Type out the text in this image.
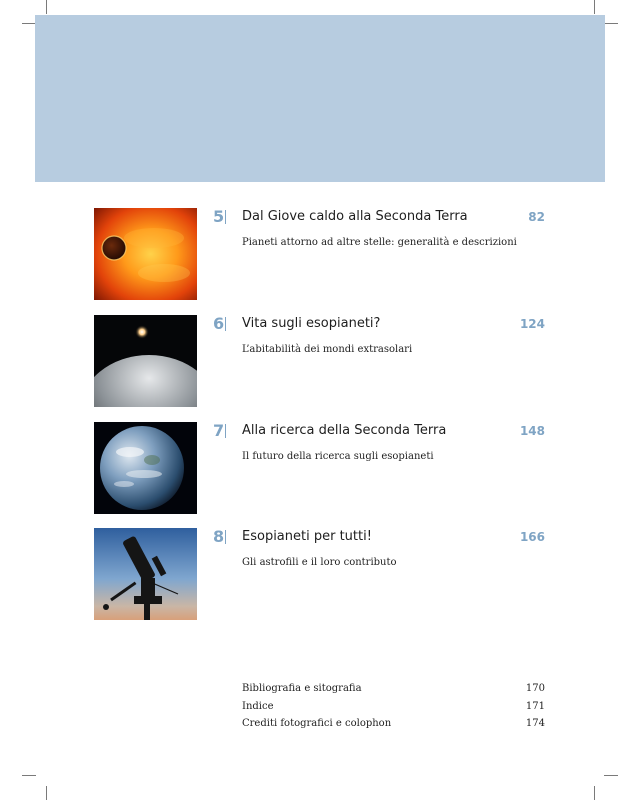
5 Dal Giove caldo alla Seconda Terra	82
Pianeti attorno ad altre stelle: generalità e descrizioni
6 Vita sugli esopianeti?	124
L’abitabilità dei mondi extrasolari
7 Alla ricerca della Seconda Terra	148
Il futuro della ricerca sugli esopianeti
8 Esopianeti per tutti!	166
Gli astrofili e il loro contributo
Bibliografia e sitografia	170
Indice	171
Crediti fotografici e colophon	174
